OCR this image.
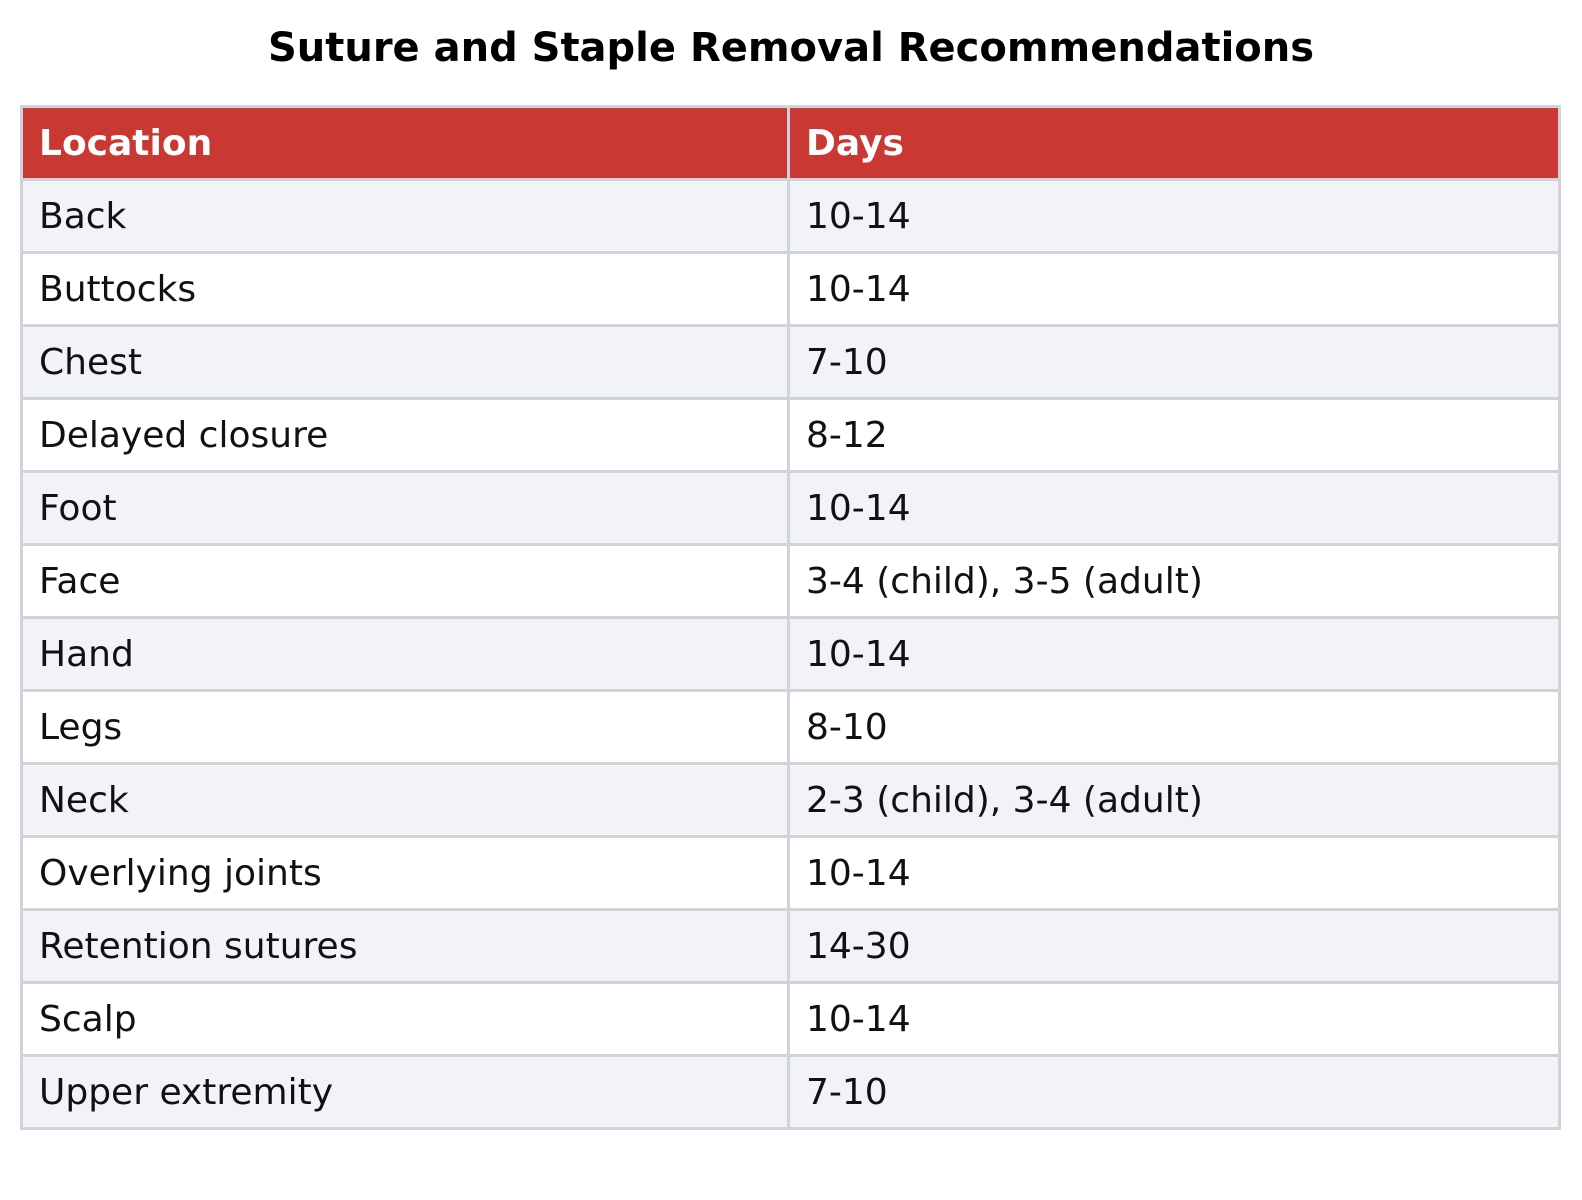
Suture and Staple Removal Recommendations
Location	Days
Back	10-14
Buttocks	10-14
Chest	7-10
Delayed closure	8-12
Foot	10-14
Face	3-4 (child), 3-5 (adult)
Hand	10-14
Legs	8-10
Neck	2-3 (child), 3-4 (adult)
Overlying joints	10-14
Retention sutures	14-30
Scalp	10-14
Upper extremity	7-10
